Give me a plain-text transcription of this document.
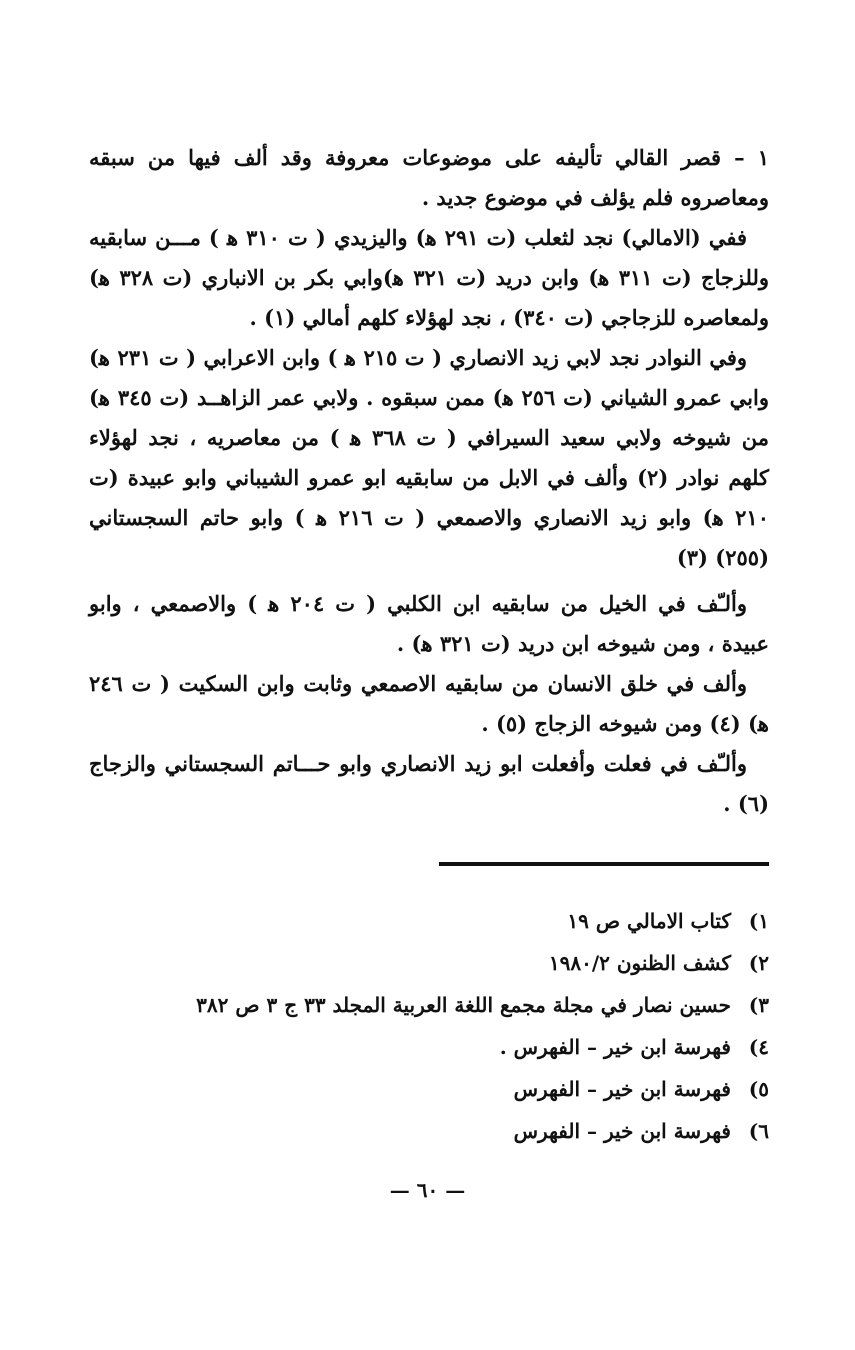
١ – قصر القالي تأليفه على موضوعات معروفة وقد ألف فيها من سبقه ومعاصروه فلم يؤلف في موضوع جديد .

ففي (الامالي) نجد لثعلب (ت ٢٩١ ﻫ) واليزيدي ( ت ٣١٠ ﻫ ) مـــن سابقيه وللزجاج (ت ٣١١ ﻫ) وابن دريد (ت ٣٢١ ﻫ)وابي بكر بن الانباري (ت ٣٢٨ ﻫ) ولمعاصره للزجاجي (ت ٣٤٠) ، نجد لهؤلاء كلهم أمالي (١) .

وفي النوادر نجد لابي زيد الانصاري ( ت ٢١٥ ﻫ ) وابن الاعرابي ( ت ٢٣١ ﻫ) وابي عمرو الشياني (ت ٢٥٦ ﻫ) ممن سبقوه . ولابي عمر الزاهــد (ت ٣٤٥ ﻫ) من شيوخه ولابي سعيد السيرافي ( ت ٣٦٨ ﻫ ) من معاصريه ، نجد لهؤلاء كلهم نوادر (٢) وألف في الابل من سابقيه ابو عمرو الشيباني وابو عبيدة (ت ٢١٠ ﻫ) وابو زيد الانصاري والاصمعي ( ت ٢١٦ ﻫ ) وابو حاتم السجستاني (٢٥٥) (٣)

وألـّف في الخيل من سابقيه ابن الكلبي ( ت ٢٠٤ ﻫ ) والاصمعي ، وابو عبيدة ، ومن شيوخه ابن دريد (ت ٣٢١ ﻫ) .

وألف في خلق الانسان من سابقيه الاصمعي وثابت وابن السكيت ( ت ٢٤٦ ﻫ) (٤) ومن شيوخه الزجاج (٥) .

وألـّف في فعلت وأفعلت ابو زيد الانصاري وابو حـــاتم السجستاني والزجاج (٦) .

١)
كتاب الامالي ص ١٩
٢)
كشف الظنون ١٩٨٠/٢
٣)
حسين نصار في مجلة مجمع اللغة العربية المجلد ٣٣ ج ٣ ص ٣٨٢
٤)
فهرسة ابن خير – الفهرس .
٥)
فهرسة ابن خير – الفهرس
٦)
فهرسة ابن خير – الفهرس
— ٦٠ —
